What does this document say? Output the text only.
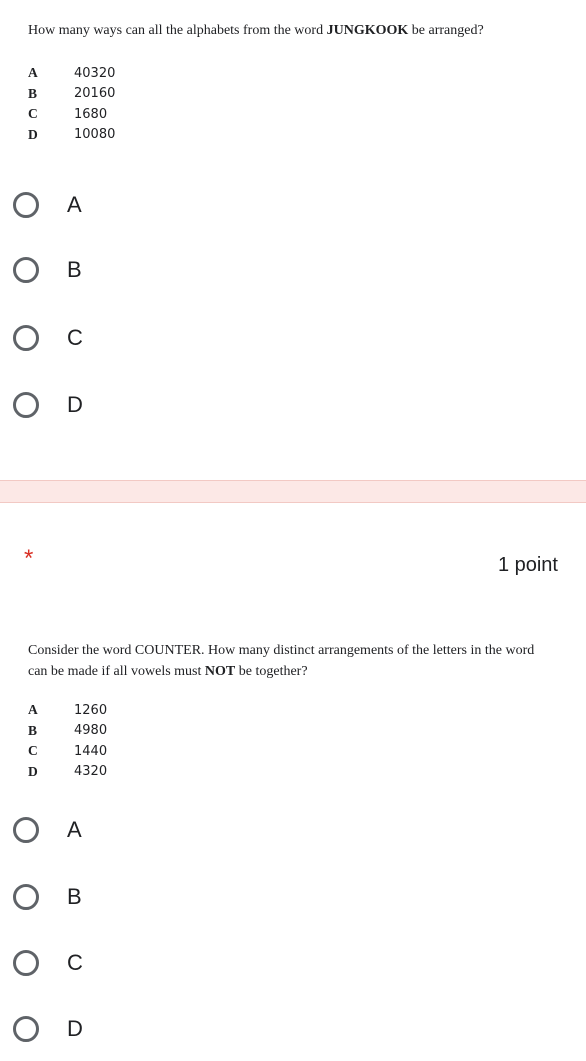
How many ways can all the alphabets from the word JUNGKOOK be arranged?
A	40320
B	20160
C	1680
D	10080
A
B
C
D
*	1 point
Consider the word COUNTER. How many distinct arrangements of the letters in the word can be made if all vowels must NOT be together?
A	1260
B	4980
C	1440
D	4320
A
B
C
D
